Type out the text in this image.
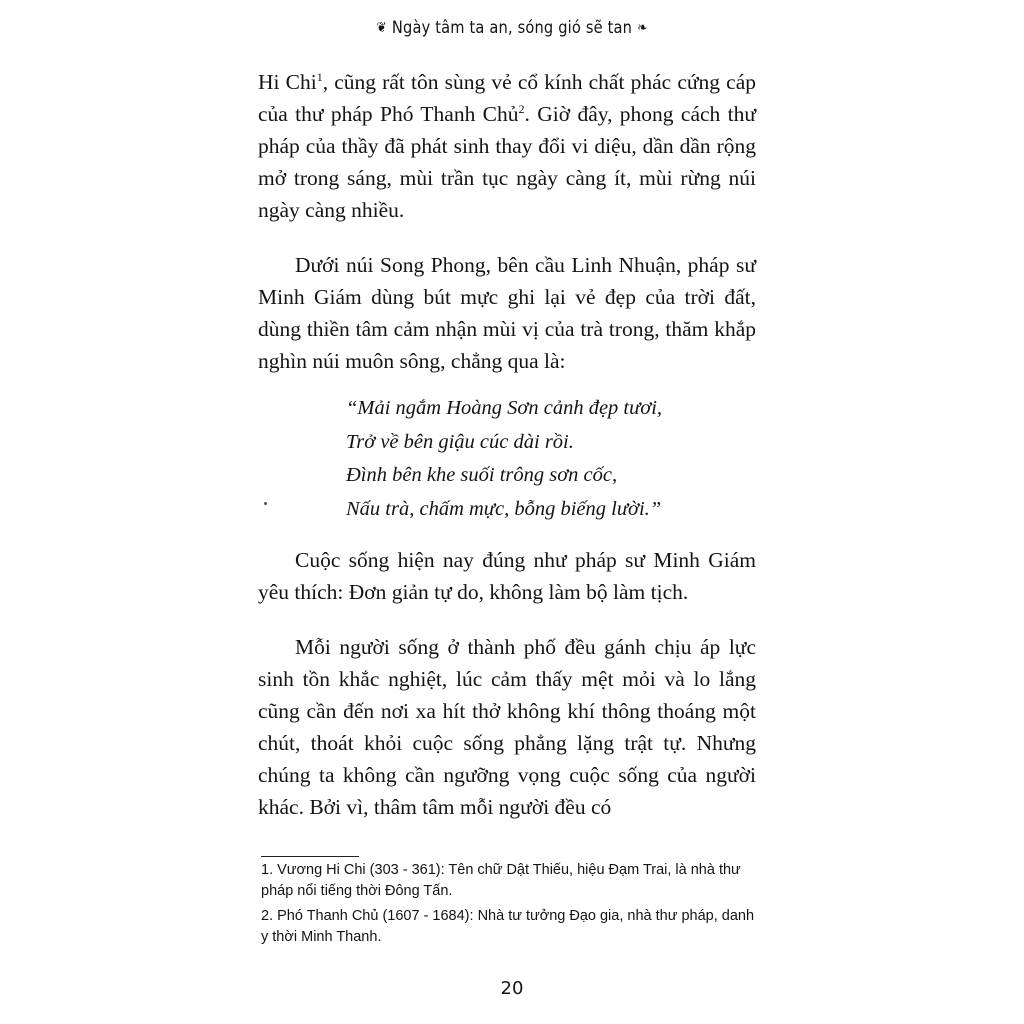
❦ Ngày tâm ta an, sóng gió sẽ tan ❧

Hi Chi$^1$, cũng rất tôn sùng vẻ cổ kính chất phác cứng cáp của thư pháp Phó Thanh Chủ$^2$. Giờ đây, phong cách thư pháp của thầy đã phát sinh thay đổi vi diệu, dần dần rộng mở trong sáng, mùi trần tục ngày càng ít, mùi rừng núi ngày càng nhiều.

Dưới núi Song Phong, bên cầu Linh Nhuận, pháp sư Minh Giám dùng bút mực ghi lại vẻ đẹp của trời đất, dùng thiền tâm cảm nhận mùi vị của trà trong, thăm khắp nghìn núi muôn sông, chẳng qua là:

“Mải ngắm Hoàng Sơn cảnh đẹp tươi,
Trở về bên giậu cúc dài rồi.
Đình bên khe suối trông sơn cốc,
Nấu trà, chấm mực, bỗng biếng lười.”

Cuộc sống hiện nay đúng như pháp sư Minh Giám yêu thích: Đơn giản tự do, không làm bộ làm tịch.

Mỗi người sống ở thành phố đều gánh chịu áp lực sinh tồn khắc nghiệt, lúc cảm thấy mệt mỏi và lo lắng cũng cần đến nơi xa hít thở không khí thông thoáng một chút, thoát khỏi cuộc sống phẳng lặng trật tự. Nhưng chúng ta không cần ngưỡng vọng cuộc sống của người khác. Bởi vì, thâm tâm mỗi người đều có

1. Vương Hi Chi (303 - 361): Tên chữ Dật Thiếu, hiệu Đạm Trai, là nhà thư pháp nổi tiếng thời Đông Tấn.

2. Phó Thanh Chủ (1607 - 1684): Nhà tư tưởng Đạo gia, nhà thư pháp, danh y thời Minh Thanh.

20
